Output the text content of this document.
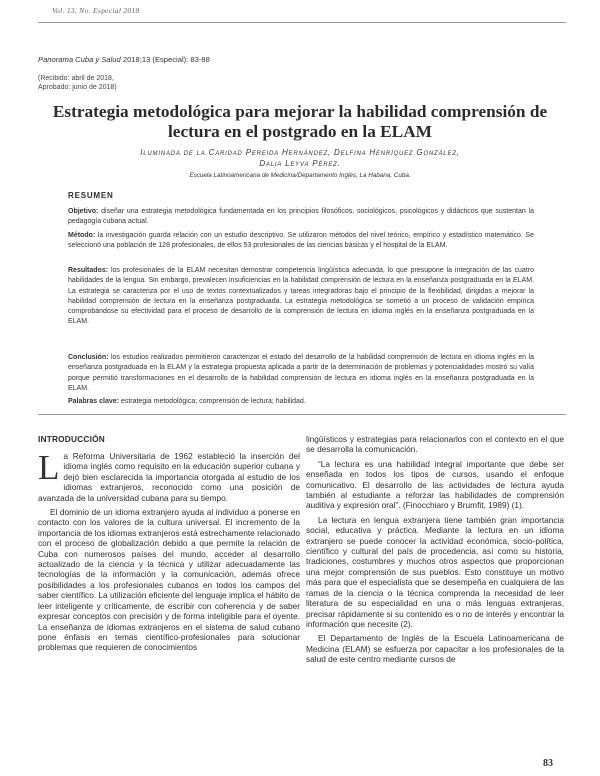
Vol. 13, No. Especial 2018
Panorama Cuba y Salud 2018;13 (Especial): 83-88
(Recibido: abril de 2018,
Aprobado: junio de 2018)
Estrategia metodológica para mejorar la habilidad comprensión de lectura en el postgrado en la ELAM
Iluminada de la Caridad Pereida Hernández, Delfina Henríquez González,
Dalia Leyva Pérez.
Escuela Latinoamericana de Medicina/Departamento Inglés, La Habana, Cuba.
RESUMEN
Objetivo: diseñar una estrategia metodológica fundamentada en los principios filosóficos, sociológicos, psicológicos y didácticos que sustentan la pedagogía cubana actual.
Método: la investigación guarda relación con un estudio descriptivo. Se utilizaron métodos del nivel teórico, empírico y estadístico matemático. Se seleccionó una población de 128 profesionales, de ellos 53 profesionales de las ciencias básicas y el hospital de la ELAM.
Resultados: los profesionales de la ELAM necesitan demostrar competencia lingüística adecuada, lo que presupone la integración de las cuatro habilidades de la lengua. Sin embargo, prevalecen insuficiencias en la habilidad comprensión de lectura en la enseñanza postgraduada en la ELAM. La estrategia se caracteriza por el uso de textos contextualizados y tareas integradoras bajo el principio de la flexibilidad, dirigidas a mejorar la habilidad comprensión de lectura en la enseñanza postgraduada. La estrategia metodológica se sometió a un proceso de validación empírica comprobándose su efectividad para el proceso de desarrollo de la comprensión de lectura en idioma inglés en la enseñanza postgraduada en la ELAM.
Conclusión: los estudios realizados permitieron caracterizar el estado del desarrollo de la habilidad comprensión de lectura en idioma inglés en la enseñanza postgraduada en la ELAM y la estrategia propuesta aplicada a partir de la determinación de problemas y potencialidades mostró su valía porque permitió transformaciones en el desarrollo de la habilidad comprensión de lectura en idioma inglés en la enseñanza postgraduada en la ELAM.
Palabras clave: estrategia metodológica; comprensión de lectura; habilidad.
INTRODUCCIÓN

La Reforma Universitaria de 1962 estableció la inserción del idioma inglés como requisito en la educación superior cubana y dejó bien esclarecida la importancia otorgada al estudio de los idiomas extranjeros, reconocido como una posición de avanzada de la universidad cubana para su tiempo.

El dominio de un idioma extranjero ayuda al individuo a ponerse en contacto con los valores de la cultura universal. El incremento de la importancia de los idiomas extranjeros está estrechamente relacionado con el proceso de globalización debido a que permite la relación de Cuba con numerosos países del mundo, acceder al desarrollo actualizado de la ciencia y la técnica y utilizar adecuadamente las tecnologías de la información y la comunicación, además ofrece posibilidades a los profesionales cubanos en todos los campos del saber científico. La utilización eficiente del lenguaje implica el hábito de leer inteligente y críticamente, de escribir con coherencia y de saber expresar conceptos con precisión y de forma inteligible para el oyente. La enseñanza de idiomas extranjeros en el sistema de salud cubano pone énfasis en temas científico-profesionales para solucionar problemas que requieren de conocimientos

lingüísticos y estrategias para relacionarlos con el contexto en el que se desarrolla la comunicación.

“La lectura es una habilidad integral importante que debe ser enseñada en todos los tipos de cursos, usando el enfoque comunicativo. El desarrollo de las actividades de lectura ayuda también al estudiante a reforzar las habilidades de comprensión auditiva y expresión oral”. (Finocchiaro y Brumfit, 1989) (1).

La lectura en lengua extranjera tiene también gran importancia social, educativa y práctica. Mediante la lectura en un idioma extranjero se puede conocer la actividad económica, socio-política, científico y cultural del país de procedencia, así como su historia, tradiciones, costumbres y muchos otros aspectos que proporcionan una mejor comprensión de sus pueblos. Esto constituye un motivo más para que el especialista que se desempeña en cualquiera de las ramas de la ciencia o la técnica comprenda la necesidad de leer literatura de su especialidad en una o más lenguas extranjeras, precisar rápidamente si su contenido es o no de interés y encontrar la información que necesite (2).

El Departamento de Inglés de la Escuela Latinoamericana de Medicina (ELAM) se esfuerza por capacitar a los profesionales de la salud de este centro mediante cursos de

83
